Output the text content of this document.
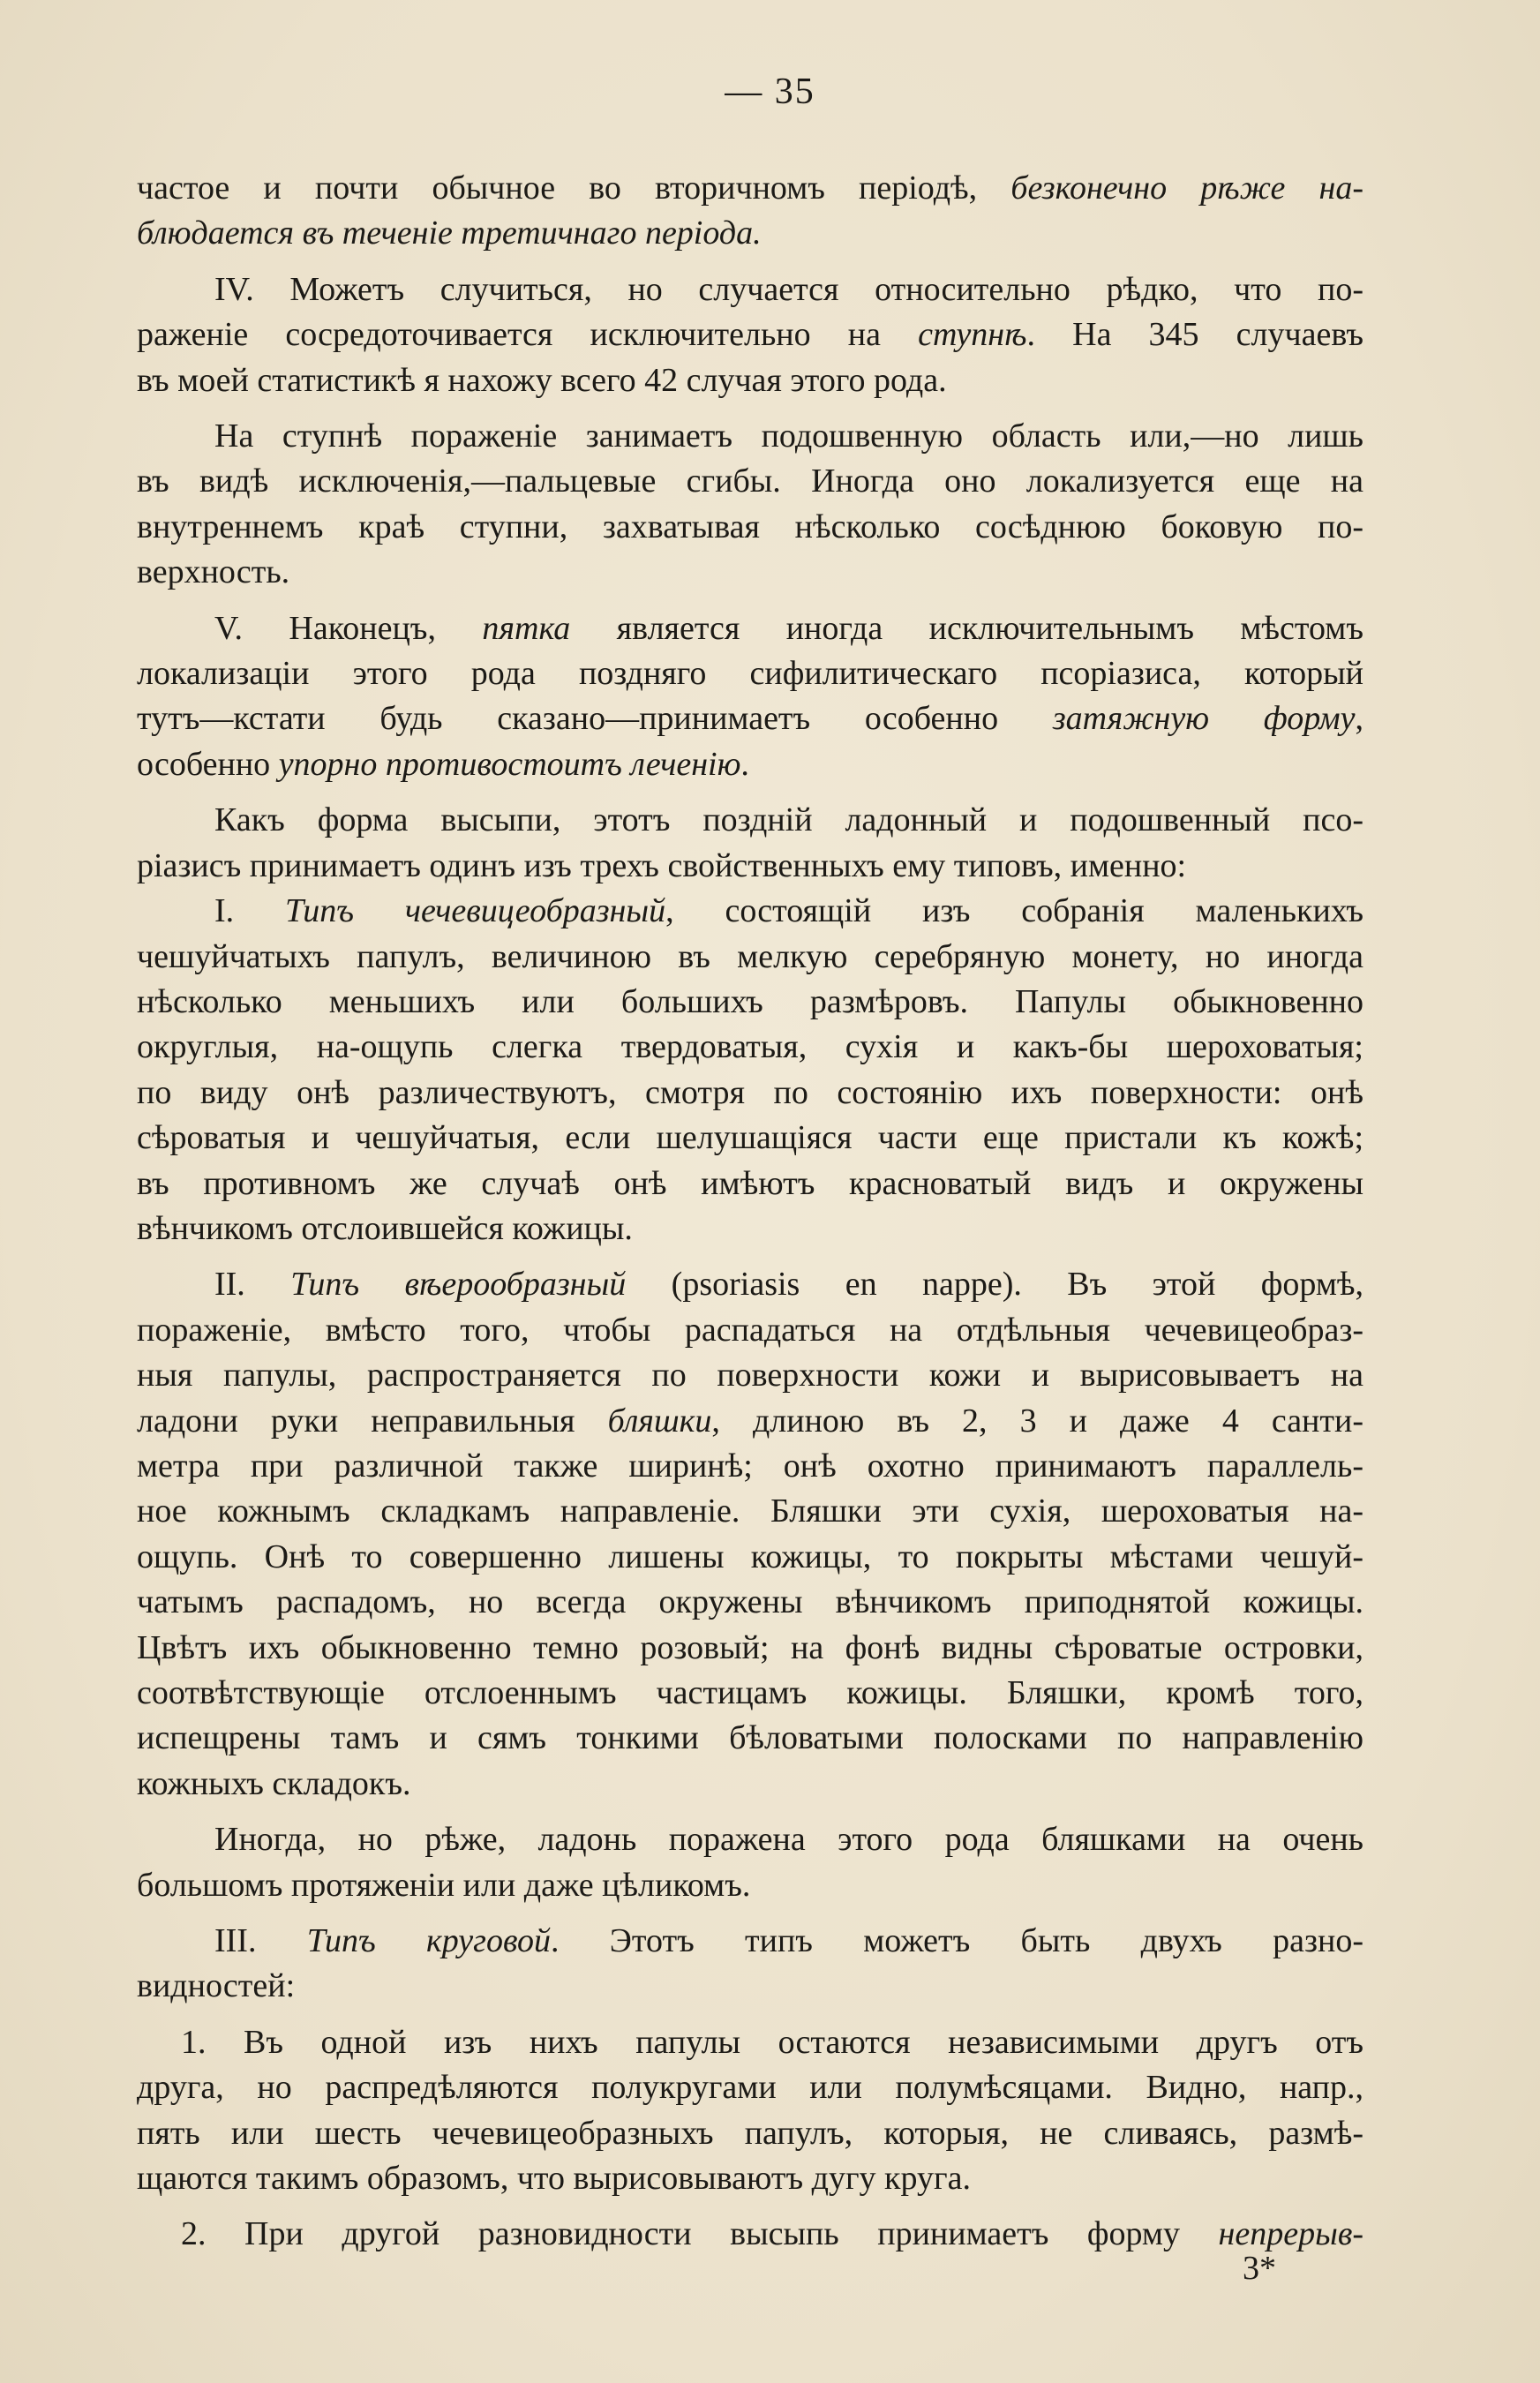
— 35

частое и почти обычное во вторичномъ періодѣ, безконечно рѣже на-

блюдается въ теченіе третичнаго періода.

IV. Можетъ случиться, но случается относительно рѣдко, что по-

раженіе сосредоточивается исключительно на ступнѣ. На 345 случаевъ

въ моей статистикѣ я нахожу всего 42 случая этого рода.

На ступнѣ пораженіе занимаетъ подошвенную область или,—но лишь

въ видѣ исключенія,—пальцевые сгибы. Иногда оно локализуется еще на

внутреннемъ краѣ ступни, захватывая нѣсколько сосѣднюю боковую по-

верхность.

V. Наконецъ, пятка является иногда исключительнымъ мѣстомъ

локализаціи этого рода поздняго сифилитическаго псоріазиса, который

тутъ—кстати будь сказано—принимаетъ особенно затяжную форму,

особенно упорно противостоитъ леченію.

Какъ форма высыпи, этотъ поздній ладонный и подошвенный псо-

ріазисъ принимаетъ одинъ изъ трехъ свойственныхъ ему типовъ, именно:

I. Типъ чечевицеобразный, состоящій изъ собранія маленькихъ

чешуйчатыхъ папулъ, величиною въ мелкую серебряную монету, но иногда

нѣсколько меньшихъ или большихъ размѣровъ. Папулы обыкновенно

округлыя, на-ощупь слегка твердоватыя, сухія и какъ-бы шероховатыя;

по виду онѣ различествуютъ, смотря по состоянію ихъ поверхности: онѣ

сѣроватыя и чешуйчатыя, если шелушащіяся части еще пристали къ кожѣ;

въ противномъ же случаѣ онѣ имѣютъ красноватый видъ и окружены

вѣнчикомъ отслоившейся кожицы.

II. Типъ вѣерообразный (psoriasis en nappe). Въ этой формѣ,

пораженіе, вмѣсто того, чтобы распадаться на отдѣльныя чечевицеобраз-

ныя папулы, распространяется по поверхности кожи и вырисовываетъ на

ладони руки неправильныя бляшки, длиною въ 2, 3 и даже 4 санти-

метра при различной также ширинѣ; онѣ охотно принимаютъ параллель-

ное кожнымъ складкамъ направленіе. Бляшки эти сухія, шероховатыя на-

ощупь. Онѣ то совершенно лишены кожицы, то покрыты мѣстами чешуй-

чатымъ распадомъ, но всегда окружены вѣнчикомъ приподнятой кожицы.

Цвѣтъ ихъ обыкновенно темно розовый; на фонѣ видны сѣроватые островки,

соотвѣтствующіе отслоеннымъ частицамъ кожицы. Бляшки, кромѣ того,

испещрены тамъ и сямъ тонкими бѣловатыми полосками по направленію

кожныхъ складокъ.

Иногда, но рѣже, ладонь поражена этого рода бляшками на очень

большомъ протяженіи или даже цѣликомъ.

III. Типъ круговой. Этотъ типъ можетъ быть двухъ разно-

видностей:

1. Въ одной изъ нихъ папулы остаются независимыми другъ отъ

друга, но распредѣляются полукругами или полумѣсяцами. Видно, напр.,

пять или шесть чечевицеобразныхъ папулъ, которыя, не сливаясь, размѣ-

щаются такимъ образомъ, что вырисовываютъ дугу круга.

2. При другой разновидности высыпь принимаетъ форму непрерыв-

3*
